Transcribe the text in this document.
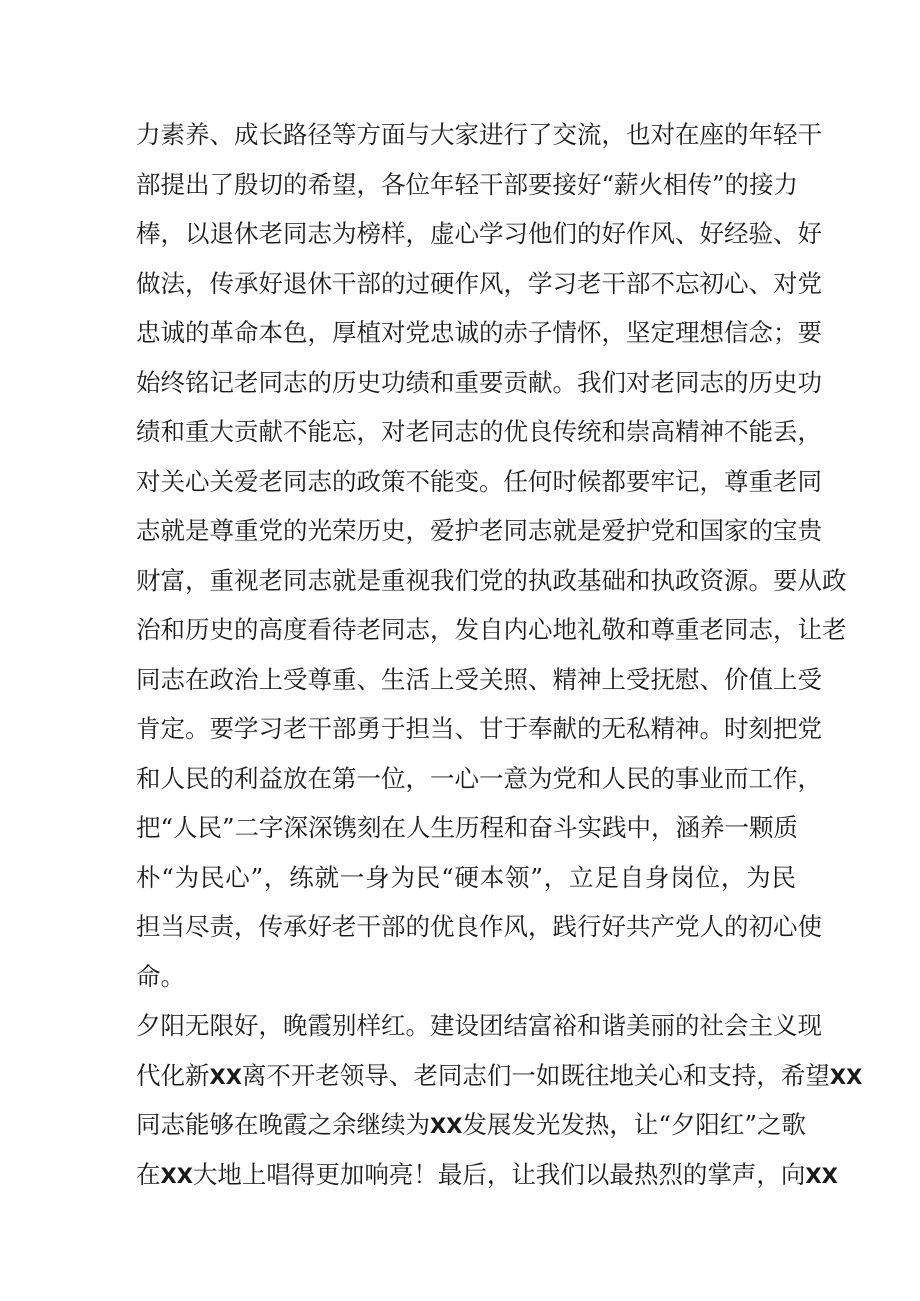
力素养、成长路径等方面与大家进行了交流，也对在座的年轻干
部提出了殷切的希望，各位年轻干部要接好“薪火相传”的接力
棒，以退休老同志为榜样，虚心学习他们的好作风、好经验、好
做法，传承好退休干部的过硬作风，学习老干部不忘初心、对党
忠诚的革命本色，厚植对党忠诚的赤子情怀，坚定理想信念；要
始终铭记老同志的历史功绩和重要贡献。我们对老同志的历史功
绩和重大贡献不能忘，对老同志的优良传统和崇高精神不能丢，
对关心关爱老同志的政策不能变。任何时候都要牢记，尊重老同
志就是尊重党的光荣历史，爱护老同志就是爱护党和国家的宝贵
财富，重视老同志就是重视我们党的执政基础和执政资源。要从政
治和历史的高度看待老同志，发自内心地礼敬和尊重老同志，让老
同志在政治上受尊重、生活上受关照、精神上受抚慰、价值上受
肯定。要学习老干部勇于担当、甘于奉献的无私精神。时刻把党
和人民的利益放在第一位，一心一意为党和人民的事业而工作，
把“人民”二字深深镌刻在人生历程和奋斗实践中，涵养一颗质
朴“为民心”，练就一身为民“硬本领”，立足自身岗位，为民
担当尽责，传承好老干部的优良作风，践行好共产党人的初心使
命。
夕阳无限好，晚霞别样红。建设团结富裕和谐美丽的社会主义现
代化新XX离不开老领导、老同志们一如既往地关心和支持，希望XX
同志能够在晚霞之余继续为XX发展发光发热，让“夕阳红”之歌
在XX大地上唱得更加响亮！最后，让我们以最热烈的掌声，向XX
